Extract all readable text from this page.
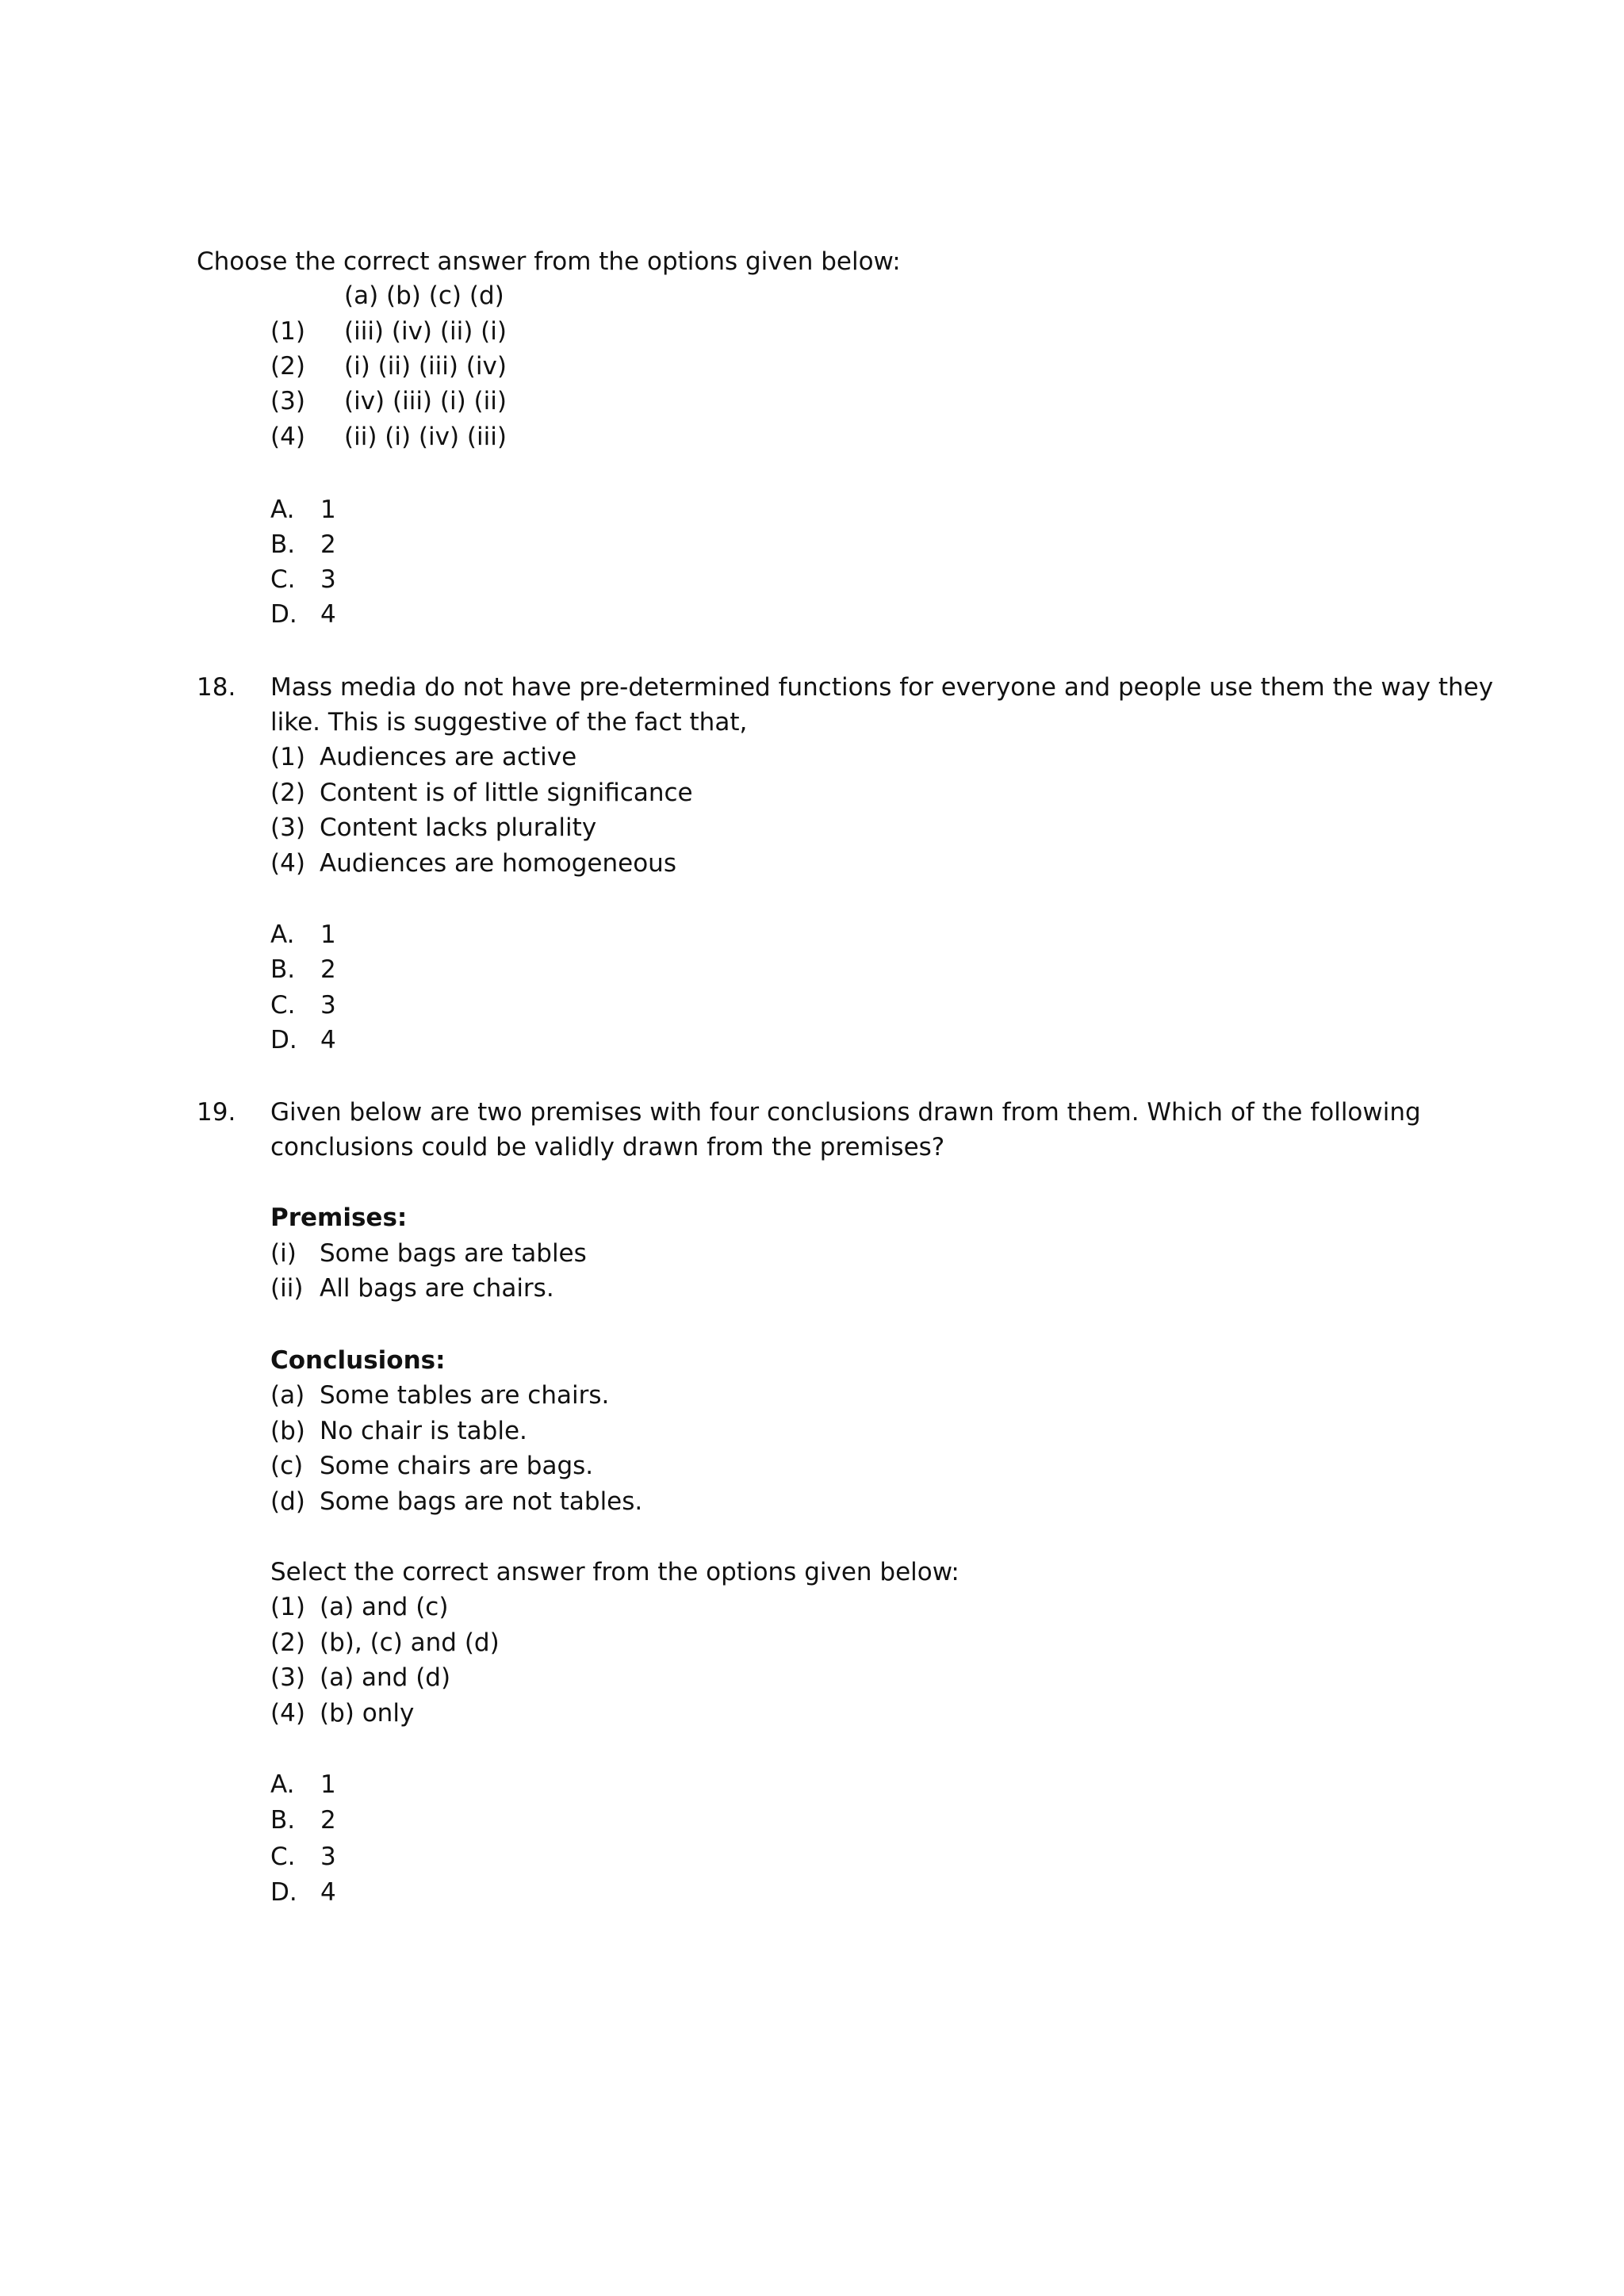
Choose the correct answer from the options given below:
(a) (b) (c) (d)
(1) (iii) (iv) (ii) (i)
(2) (i) (ii) (iii) (iv)
(3) (iv) (iii) (i) (ii)
(4) (ii) (i) (iv) (iii)
A. 1
B. 2
C. 3
D. 4
18. Mass media do not have pre-determined functions for everyone and people use them the way they
like. This is suggestive of the fact that,
(1) Audiences are active
(2) Content is of little significance
(3) Content lacks plurality
(4) Audiences are homogeneous
A. 1
B. 2
C. 3
D. 4
19. Given below are two premises with four conclusions drawn from them. Which of the following
conclusions could be validly drawn from the premises?
Premises:
(i) Some bags are tables
(ii) All bags are chairs.
Conclusions:
(a) Some tables are chairs.
(b) No chair is table.
(c) Some chairs are bags.
(d) Some bags are not tables.
Select the correct answer from the options given below:
(1) (a) and (c)
(2) (b), (c) and (d)
(3) (a) and (d)
(4) (b) only
A. 1
B. 2
C. 3
D. 4
